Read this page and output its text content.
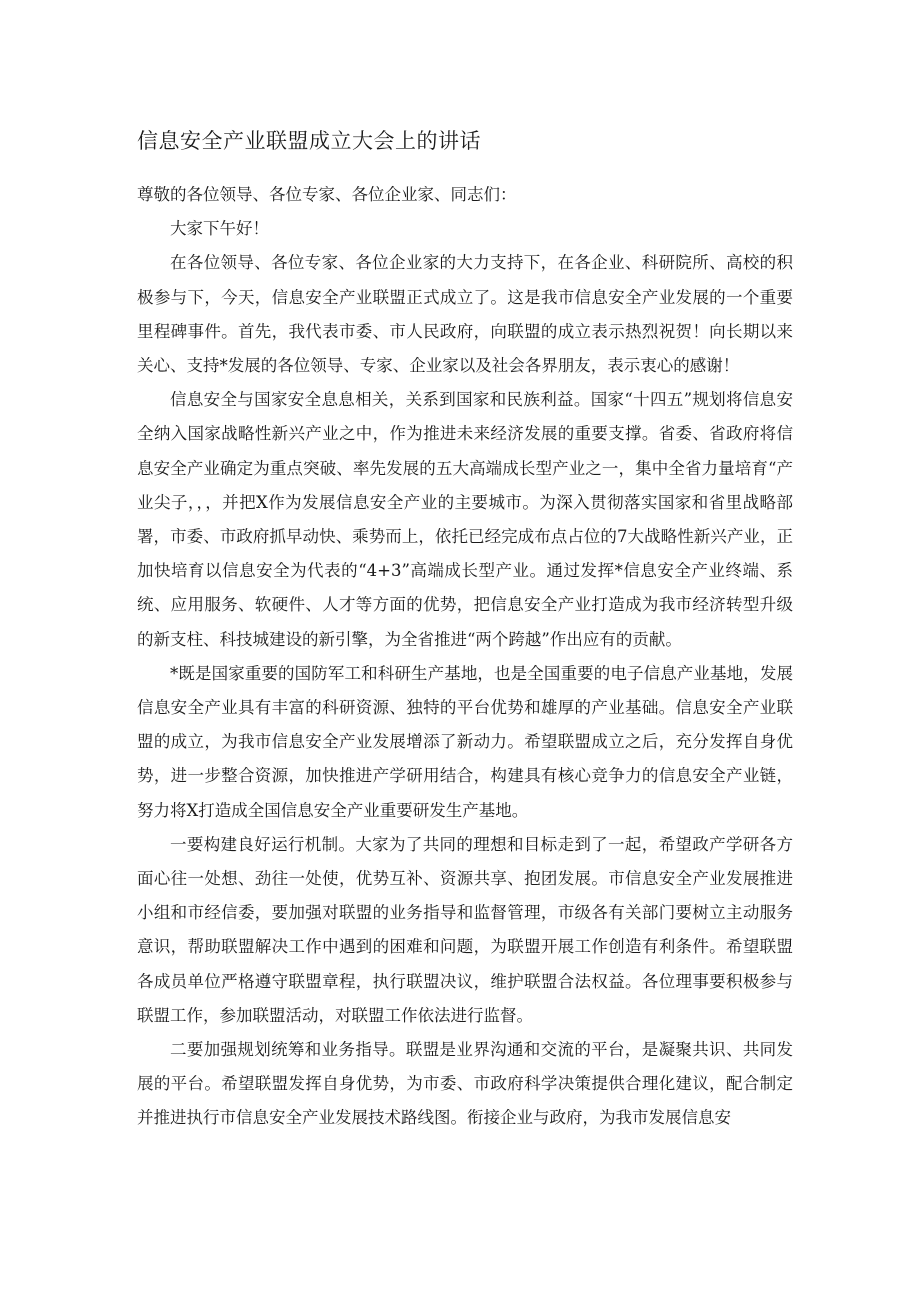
信息安全产业联盟成立大会上的讲话

尊敬的各位领导、各位专家、各位企业家、同志们：

大家下午好！

在各位领导、各位专家、各位企业家的大力支持下，在各企业、科研院所、高校的积极参与下，今天，信息安全产业联盟正式成立了。这是我市信息安全产业发展的一个重要里程碑事件。首先，我代表市委、市人民政府，向联盟的成立表示热烈祝贺！向长期以来关心、支持*发展的各位领导、专家、企业家以及社会各界朋友，表示衷心的感谢！

信息安全与国家安全息息相关，关系到国家和民族利益。国家“十四五”规划将信息安全纳入国家战略性新兴产业之中，作为推进未来经济发展的重要支撑。省委、省政府将信息安全产业确定为重点突破、率先发展的五大高端成长型产业之一，集中全省力量培育“产业尖子，，，并把X作为发展信息安全产业的主要城市。为深入贯彻落实国家和省里战略部署，市委、市政府抓早动快、乘势而上，依托已经完成布点占位的7大战略性新兴产业，正加快培育以信息安全为代表的“4+3”高端成长型产业。通过发挥*信息安全产业终端、系统、应用服务、软硬件、人才等方面的优势，把信息安全产业打造成为我市经济转型升级的新支柱、科技城建设的新引擎，为全省推进“两个跨越”作出应有的贡献。

*既是国家重要的国防军工和科研生产基地，也是全国重要的电子信息产业基地，发展信息安全产业具有丰富的科研资源、独特的平台优势和雄厚的产业基础。信息安全产业联盟的成立，为我市信息安全产业发展增添了新动力。希望联盟成立之后，充分发挥自身优势，进一步整合资源，加快推进产学研用结合，构建具有核心竞争力的信息安全产业链，努力将X打造成全国信息安全产业重要研发生产基地。

一要构建良好运行机制。大家为了共同的理想和目标走到了一起，希望政产学研各方面心往一处想、劲往一处使，优势互补、资源共享、抱团发展。市信息安全产业发展推进小组和市经信委，要加强对联盟的业务指导和监督管理，市级各有关部门要树立主动服务意识，帮助联盟解决工作中遇到的困难和问题，为联盟开展工作创造有利条件。希望联盟各成员单位严格遵守联盟章程，执行联盟决议，维护联盟合法权益。各位理事要积极参与联盟工作，参加联盟活动，对联盟工作依法进行监督。

二要加强规划统筹和业务指导。联盟是业界沟通和交流的平台，是凝聚共识、共同发展的平台。希望联盟发挥自身优势，为市委、市政府科学决策提供合理化建议，配合制定并推进执行市信息安全产业发展技术路线图。衔接企业与政府，为我市发展信息安
